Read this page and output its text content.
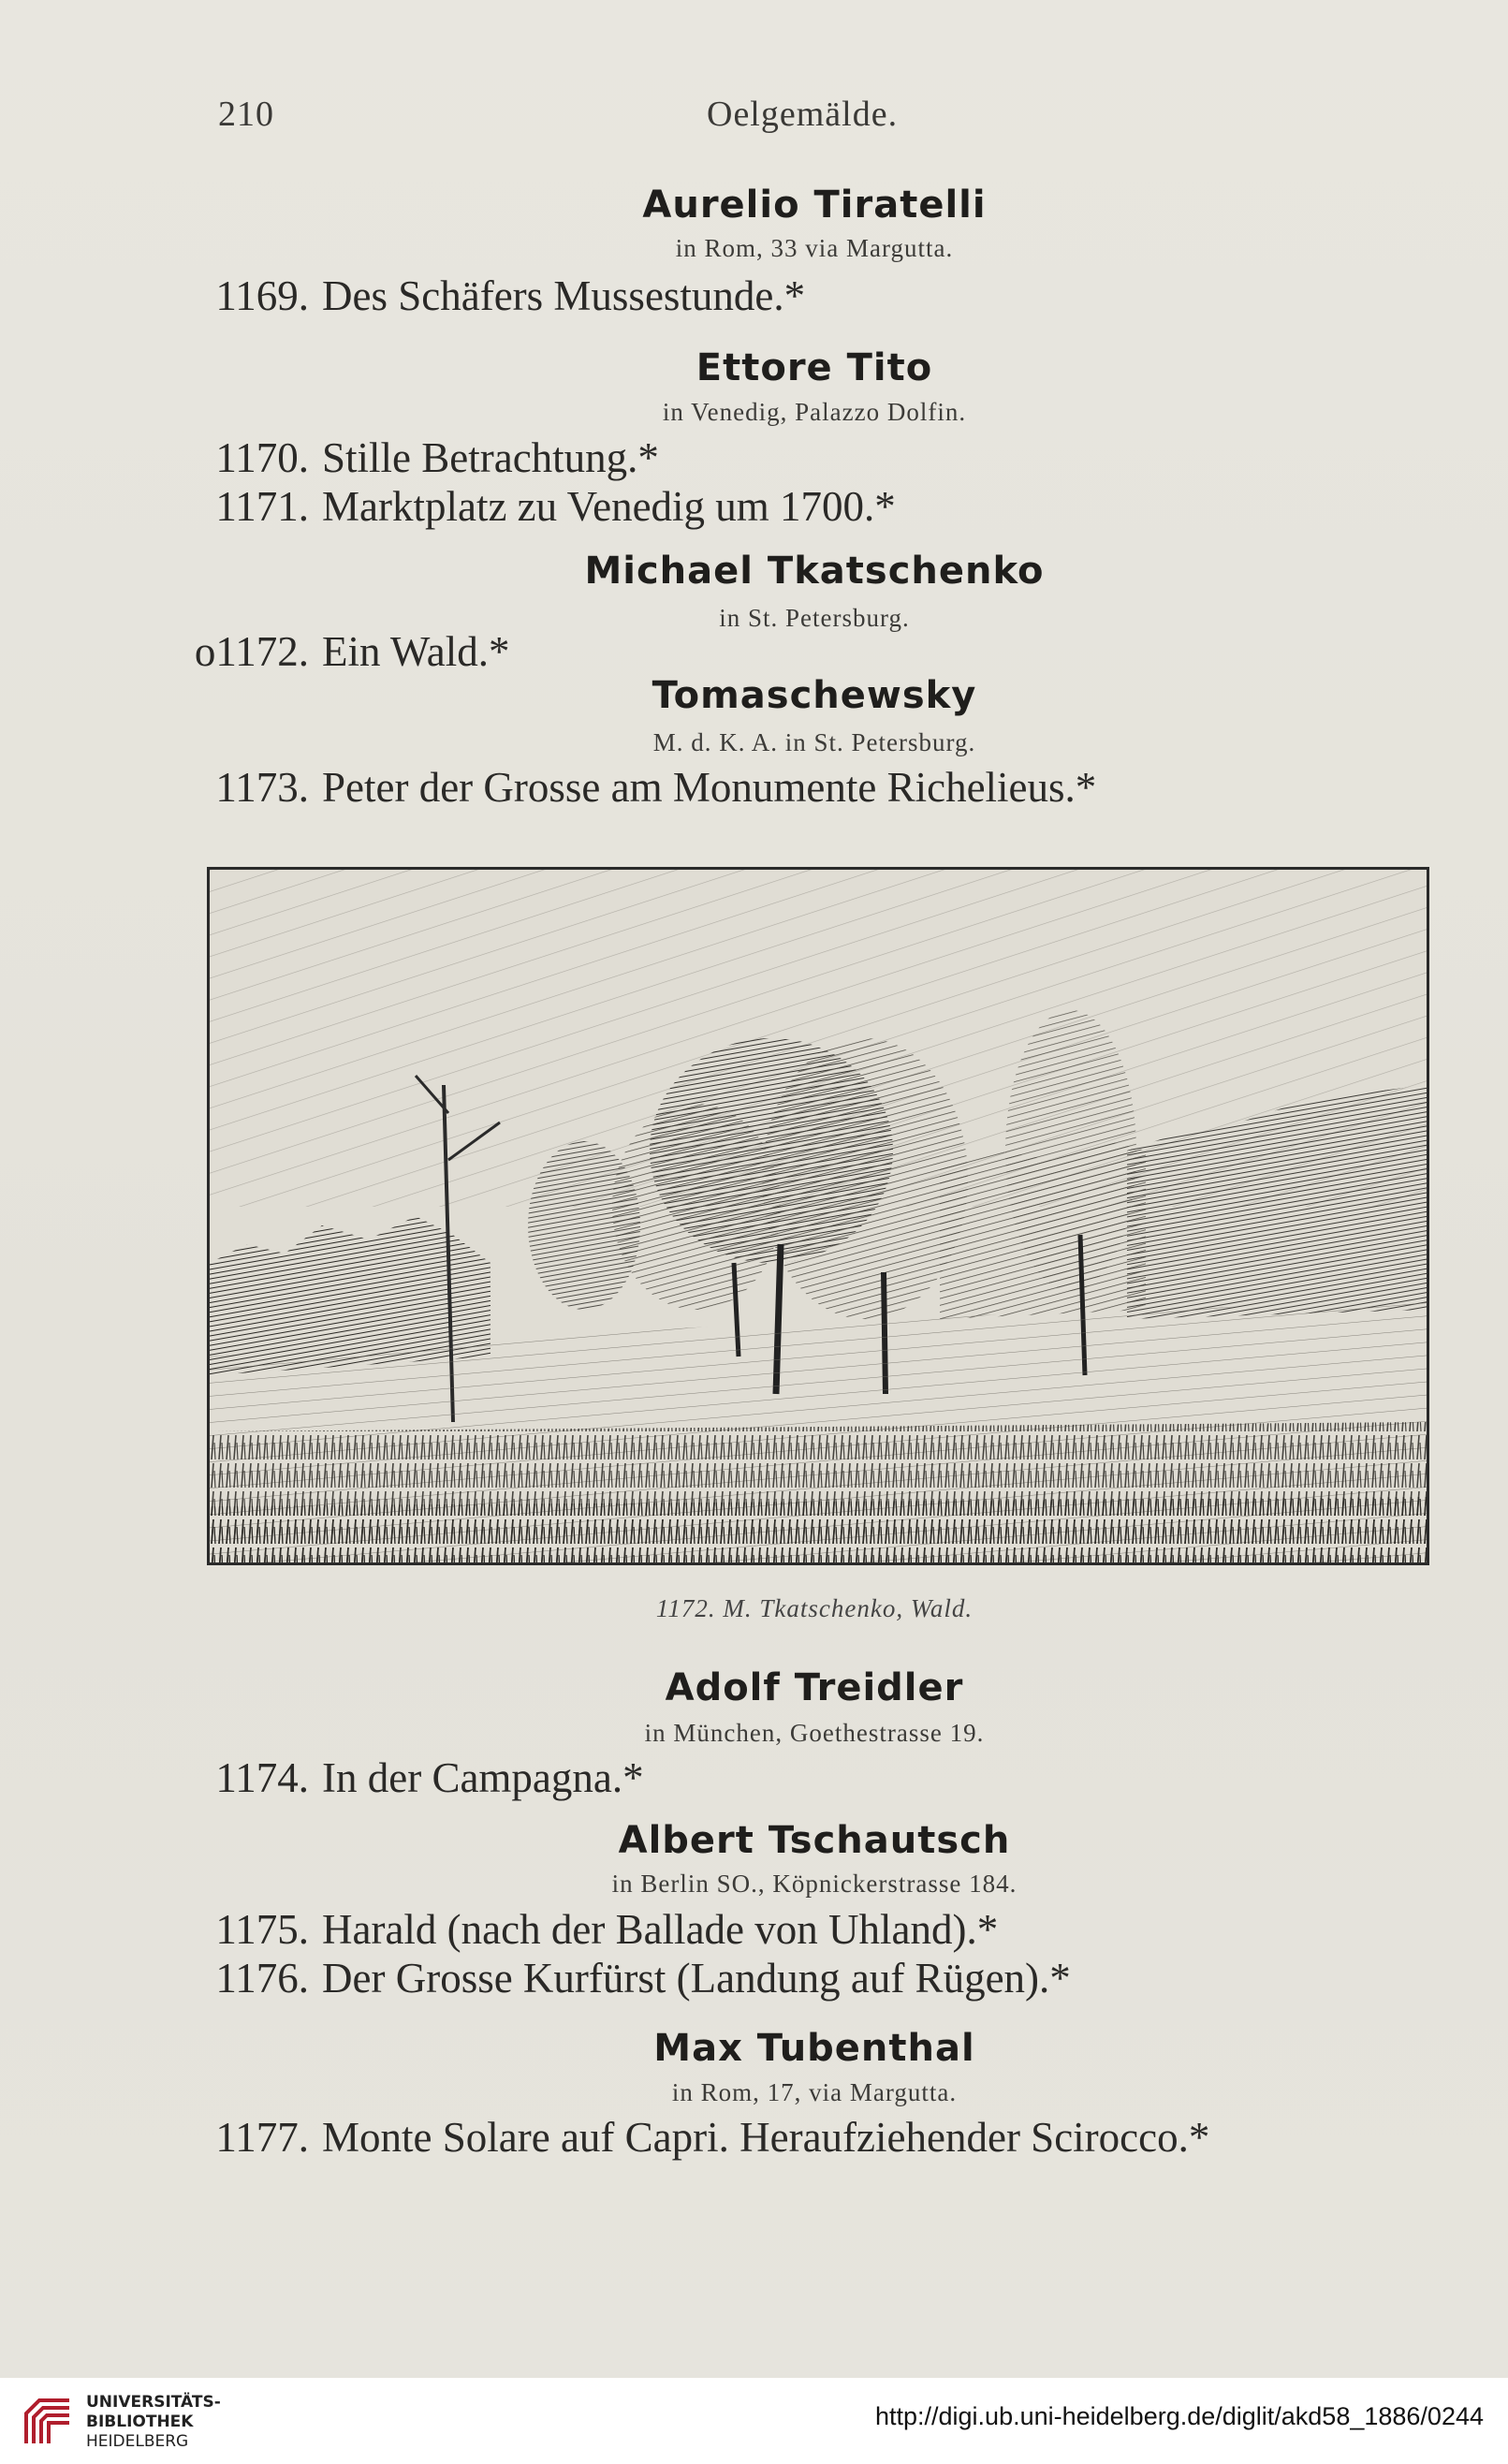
210	Oelgemälde.
Aurelio Tiratelli
in Rom, 33 via Margutta.
1169. Des Schäfers Mussestunde.*
Ettore Tito
in Venedig, Palazzo Dolfin.
1170. Stille Betrachtung.*
1171. Marktplatz zu Venedig um 1700.*
Michael Tkatschenko
in St. Petersburg.
o1172. Ein Wald.*
Tomaschewsky
M. d. K. A. in St. Petersburg.
1173. Peter der Grosse am Monumente Richelieus.*
1172. M. Tkatschenko, Wald.
Adolf Treidler
in München, Goethestrasse 19.
1174. In der Campagna.*
Albert Tschautsch
in Berlin SO., Köpnickerstrasse 184.
1175. Harald (nach der Ballade von Uhland).*
1176. Der Grosse Kurfürst (Landung auf Rügen).*
Max Tubenthal
in Rom, 17, via Margutta.
1177. Monte Solare auf Capri. Heraufziehender Scirocco.*
UNIVERSITÄTS-
BIBLIOTHEK
HEIDELBERG
http://digi.ub.uni-heidelberg.de/diglit/akd58_1886/0244
